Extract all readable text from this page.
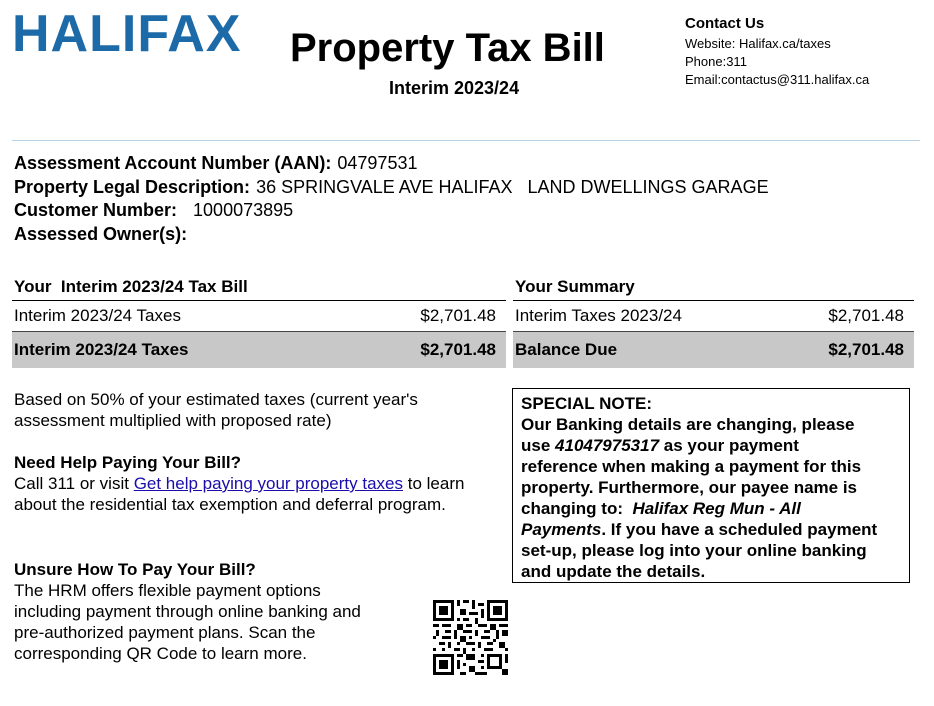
HALIFAX Property Tax Bill
Interim 2023/24
Contact Us
Website: Halifax.ca/taxes
Phone:311
Email:contactus@311.halifax.ca
Assessment Account Number (AAN): 04797531
Property Legal Description: 36 SPRINGVALE AVE HALIFAX   LAND DWELLINGS GARAGE
Customer Number: 1000073895
Assessed Owner(s):
Your  Interim 2023/24 Tax Bill
Interim 2023/24 Taxes	$2,701.48
Interim 2023/24 Taxes	$2,701.48
Your Summary
Interim Taxes 2023/24	$2,701.48
Balance Due	$2,701.48
Based on 50% of your estimated taxes (current year's
assessment multiplied with proposed rate)
Need Help Paying Your Bill?
Call 311 or visit Get help paying your property taxes to learn
about the residential tax exemption and deferral program.
Unsure How To Pay Your Bill?
The HRM offers flexible payment options
including payment through online banking and
pre-authorized payment plans. Scan the
corresponding QR Code to learn more.
SPECIAL NOTE:
Our Banking details are changing, please
use 41047975317 as your payment
reference when making a payment for this
property. Furthermore, our payee name is
changing to:  Halifax Reg Mun - All
Payments. If you have a scheduled payment
set-up, please log into your online banking
and update the details.
